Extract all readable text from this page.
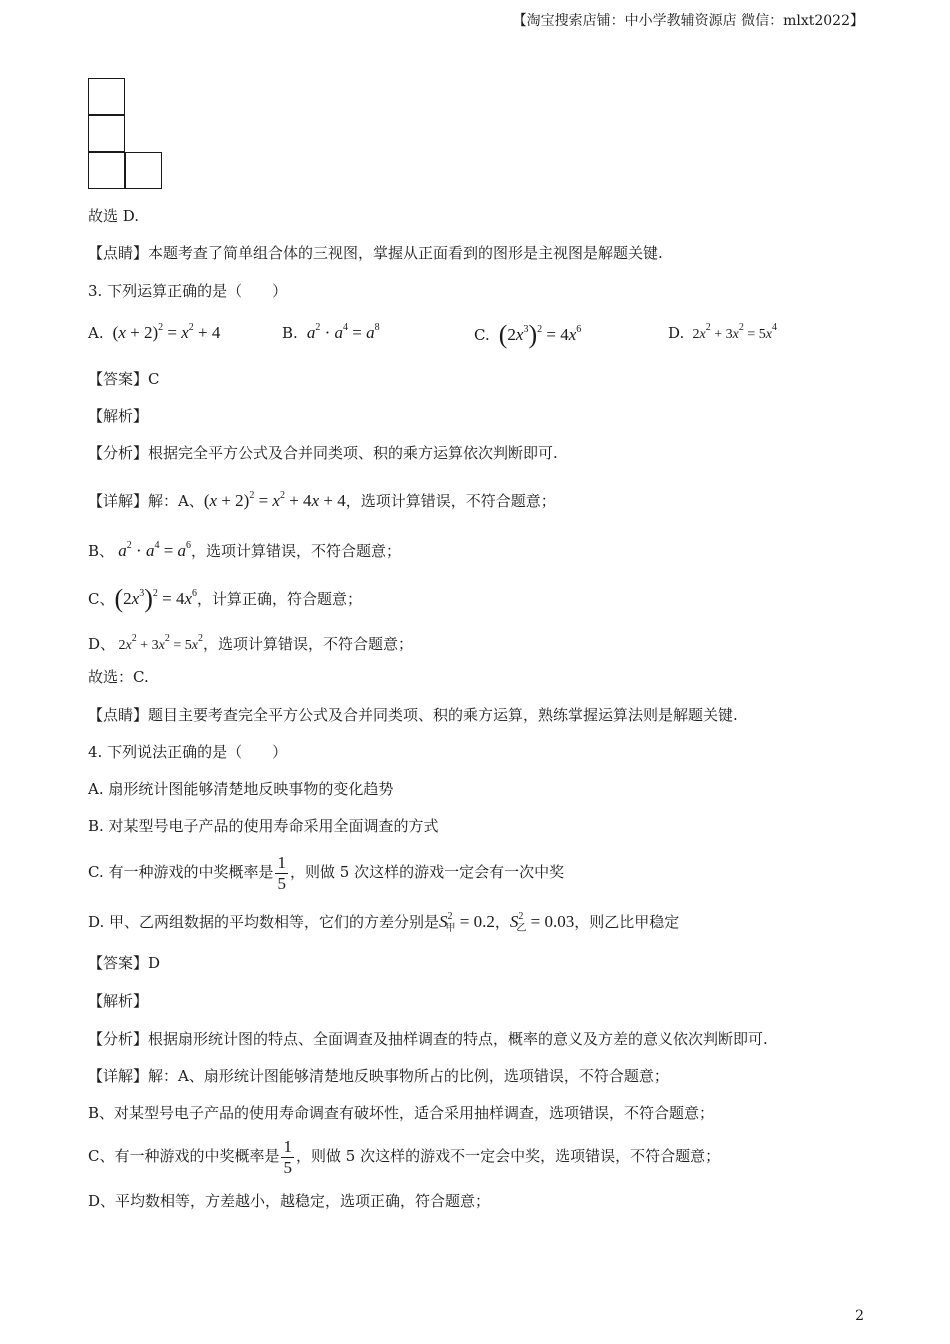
【淘宝搜索店铺：中小学教辅资源店 微信：mlxt2022】
故选 D.
【点睛】本题考查了简单组合体的三视图，掌握从正面看到的图形是主视图是解题关键.
3. 下列运算正确的是（　　）
A.  $(x + 2)^2 = x^2 + 4$	B. $a^2 \cdot a^4 = a^8$	C. $(2x^3)^2 = 4x^6$	D.  $2x^2 + 3x^2 = 5x^4$
【答案】C
【解析】
【分析】根据完全平方公式及合并同类项、积的乘方运算依次判断即可.
【详解】解：A、$(x + 2)^2 = x^2 + 4x + 4$，选项计算错误，不符合题意；
B、 $a^2 \cdot a^4 = a^6$，选项计算错误，不符合题意；
C、$(2x^3)^2 = 4x^6$，计算正确，符合题意；
D、 $2x^2 + 3x^2 = 5x^2$，选项计算错误，不符合题意；
故选：C.
【点睛】题目主要考查完全平方公式及合并同类项、积的乘方运算，熟练掌握运算法则是解题关键.
4. 下列说法正确的是（　　）
A. 扇形统计图能够清楚地反映事物的变化趋势
B. 对某型号电子产品的使用寿命采用全面调查的方式
C. 有一种游戏的中奖概率是 $\frac{1}{5}$ ，则做 5 次这样的游戏一定会有一次中奖
D. 甲、乙两组数据的平均数相等，它们的方差分别是$S^2_甲 = 0.2$，$S^2_乙 = 0.03$，则乙比甲稳定
【答案】D
【解析】
【分析】根据扇形统计图的特点、全面调查及抽样调查的特点，概率的意义及方差的意义依次判断即可.
【详解】解：A、扇形统计图能够清楚地反映事物所占的比例，选项错误，不符合题意；
B、对某型号电子产品的使用寿命调查有破坏性，适合采用抽样调查，选项错误，不符合题意；
C、有一种游戏的中奖概率是 $\frac{1}{5}$ ，则做 5 次这样的游戏不一定会中奖，选项错误，不符合题意；
D、平均数相等，方差越小，越稳定，选项正确，符合题意；
2
